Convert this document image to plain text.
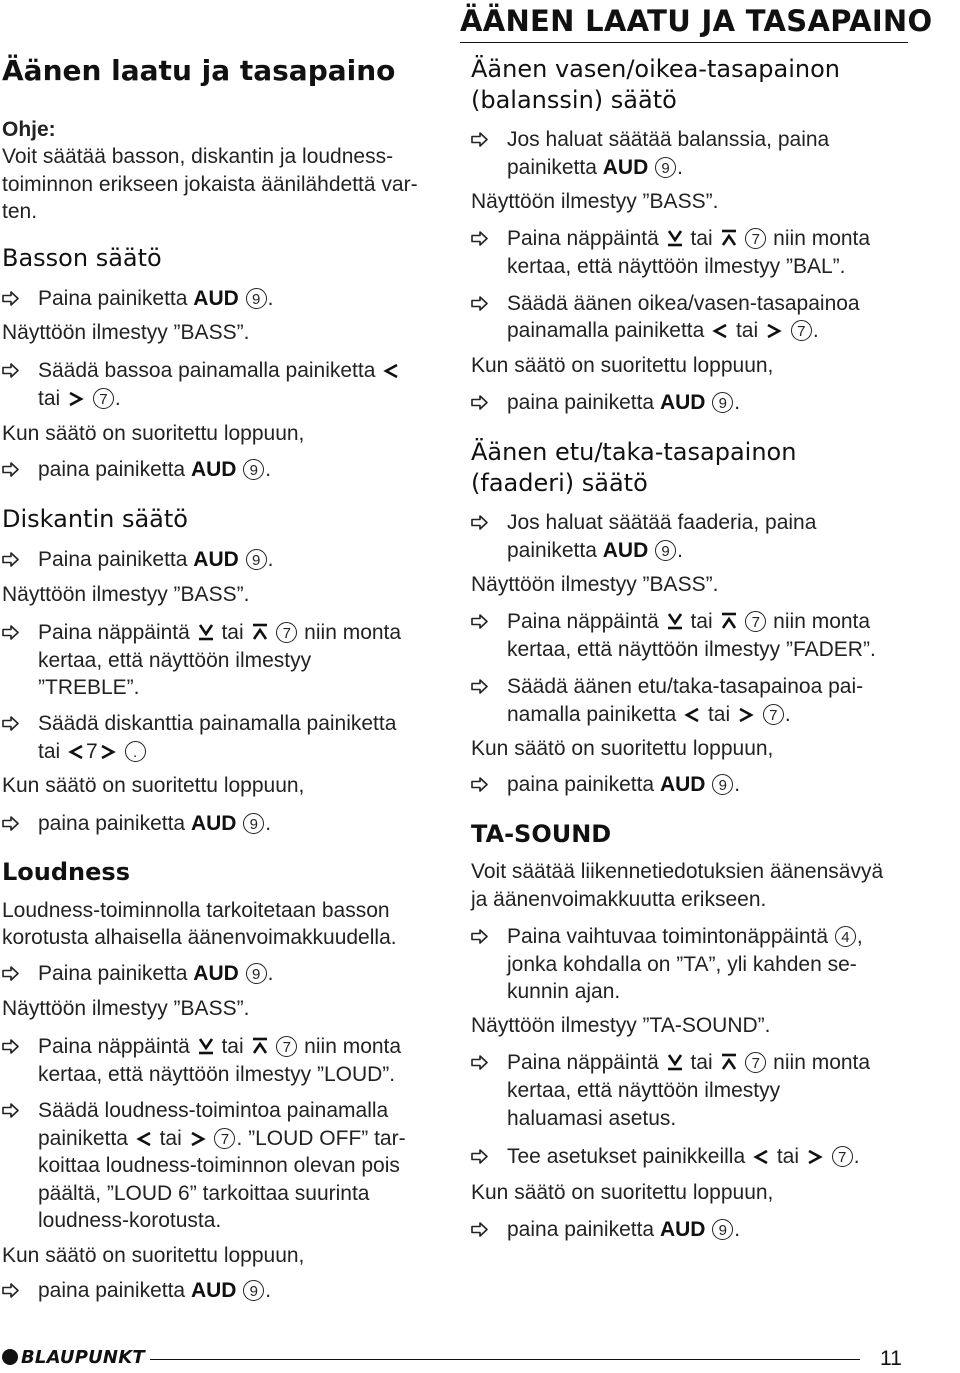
ÄÄNEN LAATU JA TASAPAINO
Äänen laatu ja tasapaino
Ohje:
Voit säätää basson, diskantin ja loudness-
toiminnon erikseen jokaista äänilähdettä var-
ten.
Basson säätö
Paina painiketta AUD 9 .
Näyttöön ilmestyy ”BASS”.
Säädä bassoa painamalla painiketta
tai  7 .
Kun säätö on suoritettu loppuun,
paina painiketta AUD 9 .
Diskantin säätö
Paina painiketta AUD 9 .
Näyttöön ilmestyy ”BASS”.
Paina näppäintä  tai  7 niin monta
kertaa, että näyttöön ilmestyy
”TREBLE”.
Säädä diskanttia painamalla painiketta
tai 7 .
Kun säätö on suoritettu loppuun,
paina painiketta AUD 9 .
Loudness
Loudness-toiminnolla tarkoitetaan basson
korotusta alhaisella äänenvoimakkuudella.
Paina painiketta AUD 9 .
Näyttöön ilmestyy ”BASS”.
Paina näppäintä  tai  7 niin monta
kertaa, että näyttöön ilmestyy ”LOUD”.
Säädä loudness-toimintoa painamalla
painiketta  tai  7 . ”LOUD OFF” tar-
koittaa loudness-toiminnon olevan pois
päältä, ”LOUD 6” tarkoittaa suurinta
loudness-korotusta.
Kun säätö on suoritettu loppuun,
paina painiketta AUD 9 .
Äänen vasen/oikea-tasapainon
(balanssin) säätö
Jos haluat säätää balanssia, paina
painiketta AUD 9 .
Näyttöön ilmestyy ”BASS”.
Paina näppäintä  tai  7 niin monta
kertaa, että näyttöön ilmestyy ”BAL”.
Säädä äänen oikea/vasen-tasapainoa
painamalla painiketta  tai  7 .
Kun säätö on suoritettu loppuun,
paina painiketta AUD 9 .
Äänen etu/taka-tasapainon
(faaderi) säätö
Jos haluat säätää faaderia, paina
painiketta AUD 9 .
Näyttöön ilmestyy ”BASS”.
Paina näppäintä  tai  7 niin monta
kertaa, että näyttöön ilmestyy ”FADER”.
Säädä äänen etu/taka-tasapainoa pai-
namalla painiketta  tai  7 .
Kun säätö on suoritettu loppuun,
paina painiketta AUD 9 .
TA-SOUND
Voit säätää liikennetiedotuksien äänensävyä
ja äänenvoimakkuutta erikseen.
Paina vaihtuvaa toimintonäppäintä 4 ,
jonka kohdalla on ”TA”, yli kahden se-
kunnin ajan.
Näyttöön ilmestyy ”TA-SOUND”.
Paina näppäintä  tai  7 niin monta
kertaa, että näyttöön ilmestyy
haluamasi asetus.
Tee asetukset painikkeilla  tai  7 .
Kun säätö on suoritettu loppuun,
paina painiketta AUD 9 .
BLAUPUNKT	11
